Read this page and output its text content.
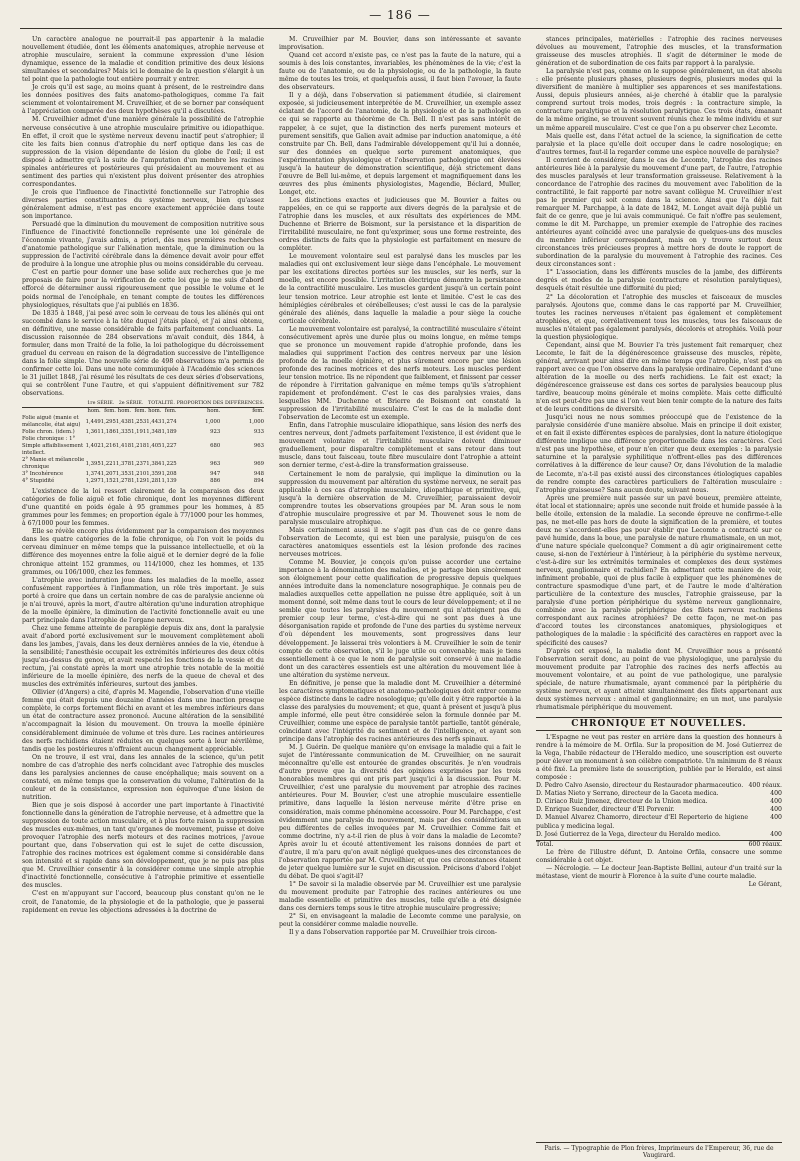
— 186 —

Un caractère analogue ne pourrait-il pas appartenir à la maladie nouvellement étudiée, dont les éléments anatomiques, atrophie nerveuse et atrophie musculaire, seraient la commune expression d'une lésion dynamique, essence de la maladie et condition primitive des deux lésions simultanées et secondaires? Mais ici le domaine de la question s'élargit à un tel point que la pathologie tout entière pourrait y entrer.

Je crois qu'il est sage, au moins quant à présent, de le restreindre dans les données positives des faits anatomo-pathologiques, comme l'a fait sciemment et volontairement M. Cruveilhier, et de se borner par conséquent à l'appréciation comparée des deux hypothèses qu'il a discutées.

M. Cruveilhier admet d'une manière générale la possibilité de l'atrophie nerveuse consécutive à une atrophie musculaire primitive ou idiopathique. En effet, il croit que le système nerveux devenu inactif peut s'atrophier; il cite les faits bien connus d'atrophie du nerf optique dans les cas de suppression de la vision dépendante de lésion du globe de l'œil; il est disposé à admettre qu'à la suite de l'amputation d'un membre les racines spinales antérieures et postérieures qui présidaient au mouvement et au sentiment des parties qui n'existent plus doivent présenter des atrophies correspondantes.

Je crois que l'influence de l'inactivité fonctionnelle sur l'atrophie des diverses parties constituantes du système nerveux, bien qu'assez généralement admise, n'est pas encore exactement appréciée dans toute son importance.

Persuadé que la diminution du mouvement de composition nutritive sous l'influence de l'inactivité fonctionnelle représente une loi générale de l'économie vivante, j'avais admis, a priori, dès mes premières recherches d'anatomie pathologique sur l'aliénation mentale, que la diminution ou la suppression de l'activité cérébrale dans la démence devait avoir pour effet de produire à la longue une atrophie plus ou moins considérable du cerveau.

C'est en partie pour donner une base solide aux recherches que je me proposais de faire pour la vérification de cette loi que je me suis d'abord efforcé de déterminer aussi rigoureusement que possible le volume et le poids normal de l'encéphale, en tenant compte de toutes les différences physiologiques, résultats que j'ai publiés en 1836.

De 1835 à 1848, j'ai pesé avec soin le cerveau de tous les aliénés qui ont succombé dans le service à la tête duquel j'étais placé, et j'ai ainsi obtenu, en définitive, une masse considérable de faits parfaitement concluants. La discussion raisonnée de 284 observations m'avait conduit, dès 1844, à formuler, dans mon Traité de la folie, la loi pathologique du décroissement graduel du cerveau en raison de la dégradation successive de l'intelligence dans la folie simple. Une nouvelle série de 498 observations m'a permis de confirmer cette loi. Dans une note communiquée à l'Académie des sciences le 31 juillet 1848, j'ai résumé les résultats de ces deux séries d'observations, qui se contrôlent l'une l'autre, et qui s'appuient définitivement sur 782 observations.

	1re SÉRIE.		2e SÉRIE.		TOTALITÉ.		PROPORTION DES DIFFÉRENCES.	
	hom.	fem.	hom.	fem.	hom.	fem.	hom.	fem.
Folie aiguë (manie et mélancolie, état aigu)	1,449	1,295	1,438	1,253	1,443	1,274	1,000	1,000
Folie chron. (idem.)	1,361	1,186	1,335	1,191	1,348	1,189	923	933
Folie chronique : 1° Simple affaiblissement intellect.	1,402	1,216	1,418	1,218	1,405	1,227	680	963
2° Manie et mélancolie chronique	1,395	1,221	1,378	1,237	1,384	1,225	963	969
3° Incohérence	1,374	1,207	1,353	1,210	1,359	1,208	947	948
4° Stupidité	1,297	1,152	1,278	1,129	1,281	1,139	886	894

L'existence de la loi ressort clairement de la comparaison des deux catégories de folie aiguë et folie chronique, dont les moyennes diffèrent d'une quantité en poids égale à 95 grammes pour les hommes, à 85 grammes pour les femmes; en proportion égale à 77/1000 pour les hommes, à 67/1000 pour les femmes.

Elle se révèle encore plus évidemment par la comparaison des moyennes dans les quatre catégories de la folie chronique, où l'on voit le poids du cerveau diminuer en même temps que la puissance intellectuelle, et où la différence des moyennes entre la folie aiguë et le dernier degré de la folie chronique atteint 152 grammes, ou 114/1000, chez les hommes, et 135 grammes, ou 106/1000, chez les femmes.

L'atrophie avec induration joue dans les maladies de la moelle, assez confusément rapportées à l'inflammation, un rôle très important. Je suis porté à croire que dans un certain nombre de cas de paralysie ancienne où je n'ai trouvé, après la mort, d'autre altération qu'une induration atrophique de la moelle épinière, la diminution de l'activité fonctionnelle avait eu une part principale dans l'atrophie de l'organe nerveux.

Chez une femme atteinte de paraplégie depuis dix ans, dont la paralysie avait d'abord porté exclusivement sur le mouvement complètement aboli dans les jambes, j'avais, dans les deux dernières années de la vie, étendue à la sensibilité; l'anesthésie occupait les extrémités inférieures des deux côtés jusqu'au-dessus du genou, et avait respecté les fonctions de la vessie et du rectum, j'ai constaté après la mort une atrophie très notable de la moitié inférieure de la moelle épinière, des nerfs de la queue de cheval et des muscles des extrémités inférieures, surtout des jambes.

Ollivier (d'Angers) a cité, d'après M. Magendie, l'observation d'une vieille femme qui était depuis une douzaine d'années dans une inaction presque complète, le corps fortement fléchi en avant et les membres inférieurs dans un état de contracture assez prononcé. Aucune altération de la sensibilité n'accompagnait la lésion du mouvement. On trouva la moelle épinière considérablement diminuée de volume et très dure. Les racines antérieures des nerfs rachidiens étaient réduites en quelques sorte à leur névrilème, tandis que les postérieures n'offraient aucun changement appréciable.

On ne trouve, il est vrai, dans les annales de la science, qu'un petit nombre de cas d'atrophie des nerfs coïncidant avec l'atrophie des muscles dans les paralysies anciennes de cause encéphalique; mais souvent on a constaté, en même temps que la conservation du volume, l'altération de la couleur et de la consistance, expression non équivoque d'une lésion de nutrition.

Bien que je sois disposé à accorder une part importante à l'inactivité fonctionnelle dans la génération de l'atrophie nerveuse, et à admettre que la suppression de toute action musculaire, et à plus forte raison la suppression des muscles eux-mêmes, un tant qu'organes de mouvement, puisse et doive provoquer l'atrophie des nerfs moteurs et des racines motrices, j'avoue pourtant que, dans l'observation qui est le sujet de cette discussion, l'atrophie des racines motrices est également comme si considérable dans son intensité et si rapide dans son développement, que je ne puis pas plus que M. Cruveilhier consentir à la considérer comme une simple atrophie d'inactivité fonctionnelle, consécutive à l'atrophie primitive et essentielle des muscles.

C'est en m'appuyant sur l'accord, beaucoup plus constant qu'on ne le croit, de l'anatomie, de la physiologie et de la pathologie, que je passerai rapidement en revue les objections adressées à la doctrine de

M. Cruveilhier par M. Bouvier, dans son intéressante et savante improvisation.

Quand cet accord n'existe pas, ce n'est pas la faute de la nature, qui a soumis à des lois constantes, invariables, les phénomènes de la vie; c'est la faute ou de l'anatomie, ou de la physiologie, ou de la pathologie, la faute même de toutes les trois, et quelquefois aussi, il faut bien l'avouer, la faute des observateurs.

Il y a déjà, dans l'observation si patiemment étudiée, si clairement exposée, si judicieusement interprétée de M. Cruveilhier, un exemple assez éclatant de l'accord de l'anatomie, de la physiologie et de la pathologie en ce qui se rapporte au théorème de Ch. Bell. Il n'est pas sans intérêt de rappeler, à ce sujet, que la distinction des nerfs purement moteurs et purement sensitifs, que Galien avait admise par induction anatomique, a été construite par Ch. Bell, dans l'admirable développement qu'il lui a donnée, sur des données en quelque sorte purement anatomiques, que l'expérimentation physiologique et l'observation pathologique ont élevées jusqu'à la hauteur de démonstration scientifique, déjà strictement dans l'œuvre de Bell lui-même, et depuis largement et magnifiquement dans les œuvres des plus éminents physiologistes, Magendie, Béclard, Muller, Longet, etc.

Les distinctions exactes et judicieuses que M. Bouvier a faites ou rappelées, en ce qui se rapporte aux divers degrés de la paralysie et de l'atrophie dans les muscles, et aux résultats des expériences de MM. Duchenne et Brierre de Boismont, sur la persistance et la disparition de l'irritabilité musculaire, ne font qu'exprimer, sous une forme restreinte, des ordres distincts de faits que la physiologie est parfaitement en mesure de compléter.

Le mouvement volontaire seul est paralysé dans les muscles par les maladies qui ont exclusivement leur siège dans l'encéphale. Le mouvement par les excitations directes portées sur les muscles, sur les nerfs, sur la moelle, est encore possible. L'irritation électrique démontre la persistance de la contractilité musculaire. Les muscles gardent jusqu'à un certain point leur tension motrice. Leur atrophie est lente et limitée. C'est le cas des hémiplégies cérébrales et cérébelleuses; c'est aussi le cas de la paralysie générale des aliénés, dans laquelle la maladie a pour siège la couche corticale cérébrale.

Le mouvement volontaire est paralysé, la contractilité musculaire s'éteint consécutivement après une durée plus ou moins longue, en même temps que se prononce un mouvement rapide d'atrophie profonde, dans les maladies qui suppriment l'action des centres nerveux par une lésion profonde de la moelle épinière, et plus sûrement encore par une lésion profonde des racines motrices et des nerfs moteurs. Les muscles perdent leur tension motrice. Ils ne répondent que faiblement, et finissent par cesser de répondre à l'irritation galvanique en même temps qu'ils s'atrophient rapidement et profondément. C'est le cas des paralysies vraies, dans lesquelles MM. Duchenne et Brierre de Boismont ont constaté la suppression de l'irritabilité musculaire. C'est le cas de la maladie dont l'observation de Lecomte est un exemple.

Enfin, dans l'atrophie musculaire idiopathique, sans lésion des nerfs des centres nerveux, dont j'admets parfaitement l'existence, il est évident que le mouvement volontaire et l'irritabilité musculaire doivent diminuer graduellement, pour disparaître complètement et sans retour dans tout muscle, dans tout faisceau, toute fibre musculaire dont l'atrophie a atteint son dernier terme, c'est-à-dire la transformation graisseuse.

Certainement le nom de paralysie, qui implique la diminution ou la suppression du mouvement par altération du système nerveux, ne serait pas applicable à ces cas d'atrophie musculaire, idiopathique et primitive, qui, jusqu'à la dernière observation de M. Cruveilhier, paraissaient devoir comprendre toutes les observations groupées par M. Aran sous le nom d'atrophie musculaire progressive et par M. Thouvenet sous le nom de paralysie musculaire atrophique.

Mais certainement aussi il ne s'agit pas d'un cas de ce genre dans l'observation de Lecomte, qui est bien une paralysie, puisqu'on de ces caractères anatomiques essentiels est la lésion profonde des racines nerveuses motrices.

Comme M. Bouvier, je conçois qu'on puisse accorder une certaine importance à la dénomination des maladies, et je partage bien sincèrement son éloignement pour cette qualification de progressive depuis quelques années introduite dans la nomenclature nosographique. Je connais peu de maladies auxquelles cette appellation ne puisse être appliquée, soit à un moment donné, soit même dans tout le cours de leur développement; et il ne semble que toutes les paralysies du mouvement qui n'atteignent pas du premier coup leur terme, c'est-à-dire qui ne sont pas dues à une désorganisation rapide et profonde de l'une des parties du système nerveux d'où dépendent les mouvements, sont progressives dans leur développement. Je laisserai très volontiers à M. Cruveilhier le soin de tenir compte de cette observation, s'il le juge utile ou convenable; mais je tiens essentiellement à ce que le nom de paralysie soit conservé à une maladie dont un des caractères essentiels est une altération du mouvement liée à une altération du système nerveux.

En définitive, je pense que la maladie dont M. Cruveilhier a déterminé les caractères symptomatiques et anatomo-pathologiques doit entrer comme espèce distincte dans le cadre nosologique; qu'elle doit y être rapportée à la classe des paralysies du mouvement; et que, quant à présent et jusqu'à plus ample informé, elle peut être considérée selon la formule donnée par M. Cruveilhier, comme une espèce de paralysie tantôt partielle, tantôt générale, coïncidant avec l'intégrité du sentiment et de l'intelligence, et ayant son principe dans l'atrophie des racines antérieures des nerfs spinaux.

M. J. Guérin. De quelque manière qu'on envisage la maladie qui a fait le sujet de l'intéressante communication de M. Cruveilhier, on ne saurait méconnaître qu'elle est entourée de grandes obscurités. Je n'en voudrais d'autre preuve que la diversité des opinions exprimées par les trois honorables membres qui ont pris part jusqu'ici à la discussion. Pour M. Cruveilhier, c'est une paralysie du mouvement par atrophie des racines antérieures. Pour M. Bouvier, c'est une atrophie musculaire essentielle primitive, dans laquelle la lésion nerveuse mérite d'être prise en considération, mais comme phénomène accessoire. Pour M. Parchappe, c'est évidemment une paralysie du mouvement, mais par des considérations un peu différentes de celles invoquées par M. Cruveilhier. Comme fait et comme doctrine, n'y a-t-il rien de plus à voir dans la maladie de Lecomte? Après avoir lu et écouté attentivement les raisons données de part et d'autre, il m'a paru qu'on avait négligé quelques-unes des circonstances de l'observation rapportée par M. Cruveilhier, et que ces circonstances étaient de jeter quelque lumière sur le sujet en discussion. Précisons d'abord l'objet du débat. De quoi s'agit-il?

1° De savoir si la maladie observée par M. Cruveilhier est une paralysie du mouvement produite par l'atrophie des racines antérieures ou une maladie essentielle et primitive des muscles, telle qu'elle a été désignée dans ces derniers temps sous le titre atrophie musculaire progressive;

2° Si, en envisageant la maladie de Lecomte comme une paralysie, on peut la considérer comme maladie nouvelle.

Il y a dans l'observation rapportée par M. Cruveilhier trois circon-

stances principales, matérielles : l'atrophie des racines nerveuses dévolues au mouvement, l'atrophie des muscles, et la transformation graisseuse des muscles atrophiés. Il s'agit de déterminer le mode de génération et de subordination de ces faits par rapport à la paralysie.

La paralysie n'est pas, comme on le suppose généralement, un état absolu : elle présente plusieurs phases, plusieurs degrés, plusieurs modes qui la diversifient de manière à multiplier ses apparences et ses manifestations. Aussi, depuis plusieurs années, ai-je cherché à établir que la paralysie comprend surtout trois modes, trois degrés : la contracture simple, la contracture paralytique et la résolution paralytique. Ces trois états, émanant de la même origine, se trouvent souvent réunis chez le même individu et sur un même appareil musculaire. C'est ce que l'on a pu observer chez Lecomte.

Mais quelle est, dans l'état actuel de la science, la signification de cette paralysie et la place qu'elle doit occuper dans le cadre nosologique; en d'autres termes, faut-il la regarder comme une espèce nouvelle de paralysie?

Il convient de considérer, dans le cas de Lecomte, l'atrophie des racines antérieures liée à la paralysie du mouvement d'une part, de l'autre, l'atrophie des muscles paralysés et leur transformation graisseuse. Relativement à la concordance de l'atrophie des racines du mouvement avec l'abolition de la contractilité, le fait rapporté par notre savant collègue M. Cruveilhier n'est pas le premier qui soit connu dans la science. Ainsi que l'a déjà fait remarquer M. Parchappe, à la date de 1842, M. Longet avait déjà publié un fait de ce genre, que je lui avais communiqué. Ce fait n'offre pas seulement, comme le dit M. Parchappe, un premier exemple de l'atrophie des racines antérieures ayant coïncidé avec une paralysie de quelques-uns des muscles du membre inférieur correspondant, mais on y trouve surtout deux circonstances très précieuses propres à mettre hors de doute le rapport de subordination de la paralysie du mouvement à l'atrophie des racines. Ces deux circonstances sont :

1° L'association, dans les différents muscles de la jambe, des différents degrés et modes de la paralysie (contracture et résolution paralytiques), desquels était résultée une difformité du pied;

2° La décoloration et l'atrophie des muscles et faisceaux de muscles paralysés. Ajoutons que, comme dans le cas rapporté par M. Cruveilhier, toutes les racines nerveuses n'étaient pas également et complètement atrophiées, et que, corrélativement tous les muscles, tous les faisceaux de muscles n'étaient pas également paralysés, décolorés et atrophiés. Voilà pour la question physiologique.

Cependant, ainsi que M. Bouvier l'a très justement fait remarquer, chez Lecomte, le fait de la dégénérescence graisseuse des muscles, répète, général, arrivant pour ainsi dire en même temps que l'atrophie, n'est pas en rapport avec ce que l'on observe dans la paralysie ordinaire. Cependant d'une altération de la moelle ou des nerfs rachidiens. Le fait est exact; la dégénérescence graisseuse est dans ces sortes de paralysies beaucoup plus tardive, beaucoup moins générale et moins complète. Mais cette difficulté n'en est peut-être pas une si l'on veut bien tenir compte de la nature des faits et de leurs conditions de diversité.

Jusqu'ici nous ne nous sommes préoccupé que de l'existence de la paralysie considérée d'une manière absolue. Mais en principe il doit exister, et en fait il existe différentes espèces de paralysies, dont la nature étiologique différente implique une différence proportionnelle dans les caractères. Ceci n'est pas une hypothèse, et pour n'en citer que deux exemples : la paralysie saturnine et la paralysie syphilitique n'offrent-elles pas des différences corrélatives à la différence de leur cause? Or, dans l'évolution de la maladie de Lecomte, n'a-t-il pas existé aussi des circonstances étiologiques capables de rendre compte des caractères particuliers de l'altération musculaire : l'atrophie graisseuse? Sans aucun doute, suivant nous.

Après une première nuit passée sur un pavé boueux, première atteinte, état local et stationnaire; après une seconde nuit froide et humide passée à la belle étoile, extension de la maladie. La seconde épreuve ne confirme-t-elle pas, ne met-elle pas hors de doute la signification de la première, et toutes deux ne s'accordent-elles pas pour établir que Lecomte a contracté sur ce pavé humide, dans la boue, une paralysie de nature rhumatismale, en un mot, d'une nature spéciale quelconque? Comment a dû agir originairement cette cause, si-non de l'extérieur à l'intérieur, à la périphérie du système nerveux, c'est-à-dire sur les extrémités terminales et complexes des deux systèmes nerveux, ganglionnaire et rachidien? En admettant cette manière de voir, infiniment probable, quoi de plus facile à expliquer que les phénomènes de contracture spasmodique d'une part, et de l'autre le mode d'altération particulière de la contexture des muscles, l'atrophie graisseuse, par la paralysie d'une portion périphérique du système nerveux ganglionnaire, combinée avec la paralysie périphérique des filets nerveux rachidiens correspondant aux racines atrophiées? De cette façon, ne met-on pas d'accord toutes les circonstances anatomiques, physiologiques et pathologiques de la maladie : la spécificité des caractères en rapport avec la spécificité des causes?

D'après cet exposé, la maladie dont M. Cruveilhier nous a présenté l'observation serait donc, au point de vue physiologique, une paralysie du mouvement produite par l'atrophie des racines des nerfs affectés au mouvement volontaire, et au point de vue pathologique, une paralysie spéciale, de nature rhumatismale, ayant commencé par la périphérie du système nerveux, et ayant atteint simultanément des filets appartenant aux deux systèmes nerveux : animal et ganglionnaire; en un mot, une paralysie rhumatismale périphérique du mouvement.

CHRONIQUE ET NOUVELLES.

L'Espagne ne veut pas rester en arrière dans la question des honneurs à rendre à la mémoire de M. Orfila. Sur la proposition de M. José Gutierrez de la Vega, l'habile rédacteur de l'Heraldo medico, une souscription est ouverte pour élever un monument à son célèbre compatriote. Un minimum de 8 réaux a été fixé. La première liste de souscription, publiée par le Heraldo, est ainsi composée :

D. Pedro Calvo Asensio, directeur du Restaurador pharmaceutico. 400 réaux.
D. Matias Nieto y Serrano, directeur de la Gaceta medica.	400
D. Ciriaco Ruiz Jimenez, directeur de la Union medica.	400
D. Enrique Suender, directeur d'El Porvenir.	400
D. Manuel Alvarez Chamorro, directeur d'El Reperterio de higiene publica y medicina legal.
400
D. José Gutierrez de la Vega, directeur du Heraldo medico.	400
Total.	600 réaux.

Le frère de l'illustre défunt, D. Antoine Orfila, consacre une somme considérable à cet objet.

— Nécrologie. — Le docteur Jean-Baptiste Bellini, auteur d'un traité sur la métastase, vient de mourir à Florence à la suite d'une courte maladie.

Le Gérant,

Paris. — Typographie de Plon frères, Imprimeurs de l'Empereur, 36, rue de Vaugirard.
